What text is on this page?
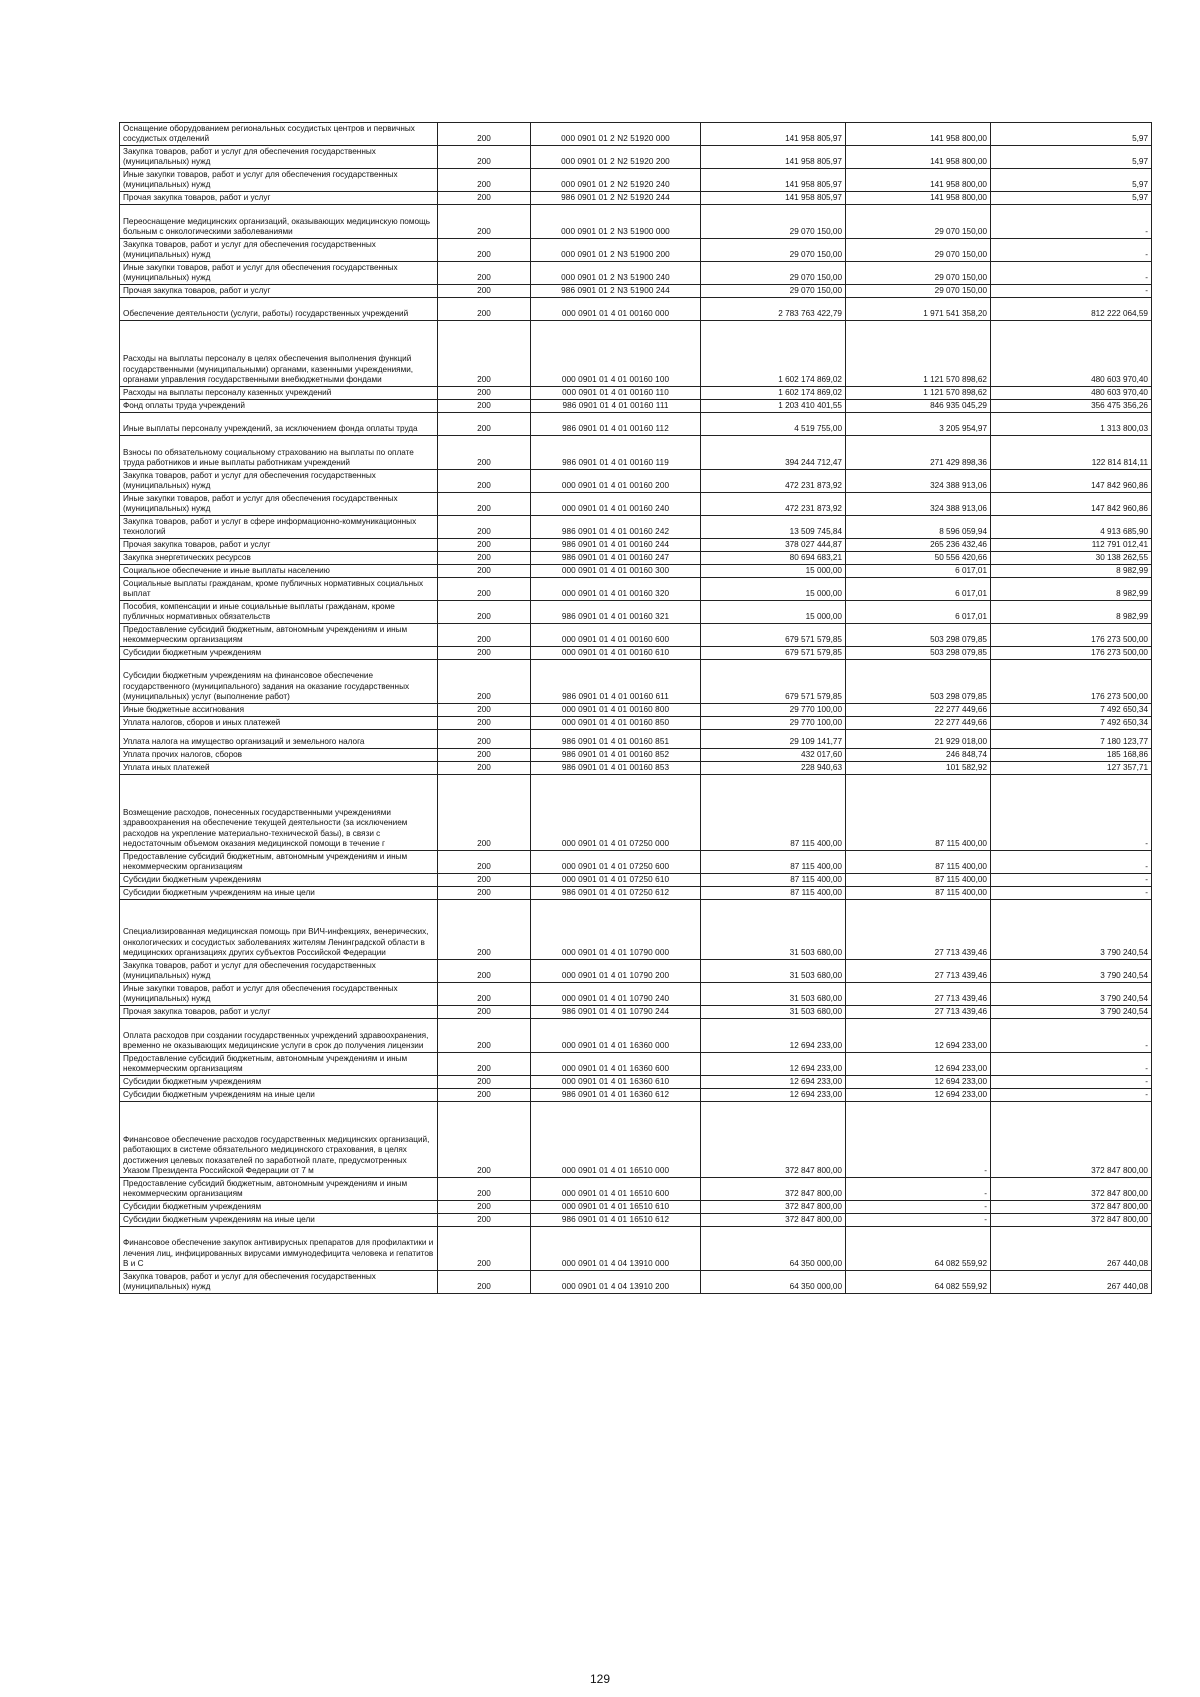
Оснащение оборудованием региональных сосудистых центров и первичных сосудистых отделений	200	000 0901 01 2 N2 51920 000	141 958 805,97	141 958 800,00	5,97
Закупка товаров, работ и услуг для обеспечения государственных (муниципальных) нужд	200	000 0901 01 2 N2 51920 200	141 958 805,97	141 958 800,00	5,97
Иные закупки товаров, работ и услуг для обеспечения государственных (муниципальных) нужд	200	000 0901 01 2 N2 51920 240	141 958 805,97	141 958 800,00	5,97
Прочая закупка товаров, работ и услуг	200	986 0901 01 2 N2 51920 244	141 958 805,97	141 958 800,00	5,97
Переоснащение медицинских организаций, оказывающих медицинскую помощь больным с онкологическими заболеваниями	200	000 0901 01 2 N3 51900 000	29 070 150,00	29 070 150,00	-
Закупка товаров, работ и услуг для обеспечения государственных (муниципальных) нужд	200	000 0901 01 2 N3 51900 200	29 070 150,00	29 070 150,00	-
Иные закупки товаров, работ и услуг для обеспечения государственных (муниципальных) нужд	200	000 0901 01 2 N3 51900 240	29 070 150,00	29 070 150,00	-
Прочая закупка товаров, работ и услуг	200	986 0901 01 2 N3 51900 244	29 070 150,00	29 070 150,00	-
Обеспечение деятельности (услуги, работы) государственных учреждений	200	000 0901 01 4 01 00160 000	2 783 763 422,79	1 971 541 358,20	812 222 064,59
Расходы на выплаты персоналу в целях обеспечения выполнения функций государственными (муниципальными) органами, казенными учреждениями, органами управления государственными внебюджетными фондами	200	000 0901 01 4 01 00160 100	1 602 174 869,02	1 121 570 898,62	480 603 970,40
Расходы на выплаты персоналу казенных учреждений	200	000 0901 01 4 01 00160 110	1 602 174 869,02	1 121 570 898,62	480 603 970,40
Фонд оплаты труда учреждений	200	986 0901 01 4 01 00160 111	1 203 410 401,55	846 935 045,29	356 475 356,26
Иные выплаты персоналу учреждений, за исключением фонда оплаты труда	200	986 0901 01 4 01 00160 112	4 519 755,00	3 205 954,97	1 313 800,03
Взносы по обязательному социальному страхованию на выплаты по оплате труда работников и иные выплаты работникам учреждений	200	986 0901 01 4 01 00160 119	394 244 712,47	271 429 898,36	122 814 814,11
Закупка товаров, работ и услуг для обеспечения государственных (муниципальных) нужд	200	000 0901 01 4 01 00160 200	472 231 873,92	324 388 913,06	147 842 960,86
Иные закупки товаров, работ и услуг для обеспечения государственных (муниципальных) нужд	200	000 0901 01 4 01 00160 240	472 231 873,92	324 388 913,06	147 842 960,86
Закупка товаров, работ и услуг в сфере информационно-коммуникационных технологий	200	986 0901 01 4 01 00160 242	13 509 745,84	8 596 059,94	4 913 685,90
Прочая закупка товаров, работ и услуг	200	986 0901 01 4 01 00160 244	378 027 444,87	265 236 432,46	112 791 012,41
Закупка энергетических ресурсов	200	986 0901 01 4 01 00160 247	80 694 683,21	50 556 420,66	30 138 262,55
Социальное обеспечение и иные выплаты населению	200	000 0901 01 4 01 00160 300	15 000,00	6 017,01	8 982,99
Социальные выплаты гражданам, кроме публичных нормативных социальных выплат	200	000 0901 01 4 01 00160 320	15 000,00	6 017,01	8 982,99
Пособия, компенсации и иные социальные выплаты гражданам, кроме публичных нормативных обязательств	200	986 0901 01 4 01 00160 321	15 000,00	6 017,01	8 982,99
Предоставление субсидий бюджетным, автономным учреждениям и иным некоммерческим организациям	200	000 0901 01 4 01 00160 600	679 571 579,85	503 298 079,85	176 273 500,00
Субсидии бюджетным учреждениям	200	000 0901 01 4 01 00160 610	679 571 579,85	503 298 079,85	176 273 500,00
Субсидии бюджетным учреждениям на финансовое обеспечение государственного (муниципального) задания на оказание государственных (муниципальных) услуг (выполнение работ)	200	986 0901 01 4 01 00160 611	679 571 579,85	503 298 079,85	176 273 500,00
Иные бюджетные ассигнования	200	000 0901 01 4 01 00160 800	29 770 100,00	22 277 449,66	7 492 650,34
Уплата налогов, сборов и иных платежей	200	000 0901 01 4 01 00160 850	29 770 100,00	22 277 449,66	7 492 650,34
Уплата налога на имущество организаций и земельного налога	200	986 0901 01 4 01 00160 851	29 109 141,77	21 929 018,00	7 180 123,77
Уплата прочих налогов, сборов	200	986 0901 01 4 01 00160 852	432 017,60	246 848,74	185 168,86
Уплата иных платежей	200	986 0901 01 4 01 00160 853	228 940,63	101 582,92	127 357,71
Возмещение расходов, понесенных государственными учреждениями здравоохранения на обеспечение текущей деятельности (за исключением расходов на укрепление материально-технической базы), в связи с недостаточным объемом оказания медицинской помощи в течение г	200	000 0901 01 4 01 07250 000	87 115 400,00	87 115 400,00	-
Предоставление субсидий бюджетным, автономным учреждениям и иным некоммерческим организациям	200	000 0901 01 4 01 07250 600	87 115 400,00	87 115 400,00	-
Субсидии бюджетным учреждениям	200	000 0901 01 4 01 07250 610	87 115 400,00	87 115 400,00	-
Субсидии бюджетным учреждениям на иные цели	200	986 0901 01 4 01 07250 612	87 115 400,00	87 115 400,00	-
Специализированная медицинская помощь при ВИЧ-инфекциях, венерических, онкологических и сосудистых заболеваниях жителям Ленинградской области в медицинских организациях других субъектов Российской Федерации	200	000 0901 01 4 01 10790 000	31 503 680,00	27 713 439,46	3 790 240,54
Закупка товаров, работ и услуг для обеспечения государственных (муниципальных) нужд	200	000 0901 01 4 01 10790 200	31 503 680,00	27 713 439,46	3 790 240,54
Иные закупки товаров, работ и услуг для обеспечения государственных (муниципальных) нужд	200	000 0901 01 4 01 10790 240	31 503 680,00	27 713 439,46	3 790 240,54
Прочая закупка товаров, работ и услуг	200	986 0901 01 4 01 10790 244	31 503 680,00	27 713 439,46	3 790 240,54
Оплата расходов при создании государственных учреждений здравоохранения, временно не оказывающих медицинские услуги в срок до получения лицензии	200	000 0901 01 4 01 16360 000	12 694 233,00	12 694 233,00	-
Предоставление субсидий бюджетным, автономным учреждениям и иным некоммерческим организациям	200	000 0901 01 4 01 16360 600	12 694 233,00	12 694 233,00	-
Субсидии бюджетным учреждениям	200	000 0901 01 4 01 16360 610	12 694 233,00	12 694 233,00	-
Субсидии бюджетным учреждениям на иные цели	200	986 0901 01 4 01 16360 612	12 694 233,00	12 694 233,00	-
Финансовое обеспечение расходов государственных медицинских организаций, работающих в системе обязательного медицинского страхования, в целях достижения целевых показателей по заработной плате, предусмотренных Указом Президента Российской Федерации от 7 м	200	000 0901 01 4 01 16510 000	372 847 800,00	-	372 847 800,00
Предоставление субсидий бюджетным, автономным учреждениям и иным некоммерческим организациям	200	000 0901 01 4 01 16510 600	372 847 800,00	-	372 847 800,00
Субсидии бюджетным учреждениям	200	000 0901 01 4 01 16510 610	372 847 800,00	-	372 847 800,00
Субсидии бюджетным учреждениям на иные цели	200	986 0901 01 4 01 16510 612	372 847 800,00	-	372 847 800,00
Финансовое обеспечение закупок антивирусных препаратов для профилактики и лечения лиц, инфицированных вирусами иммунодефицита человека и гепатитов B и C	200	000 0901 01 4 04 13910 000	64 350 000,00	64 082 559,92	267 440,08
Закупка товаров, работ и услуг для обеспечения государственных (муниципальных) нужд	200	000 0901 01 4 04 13910 200	64 350 000,00	64 082 559,92	267 440,08
129
